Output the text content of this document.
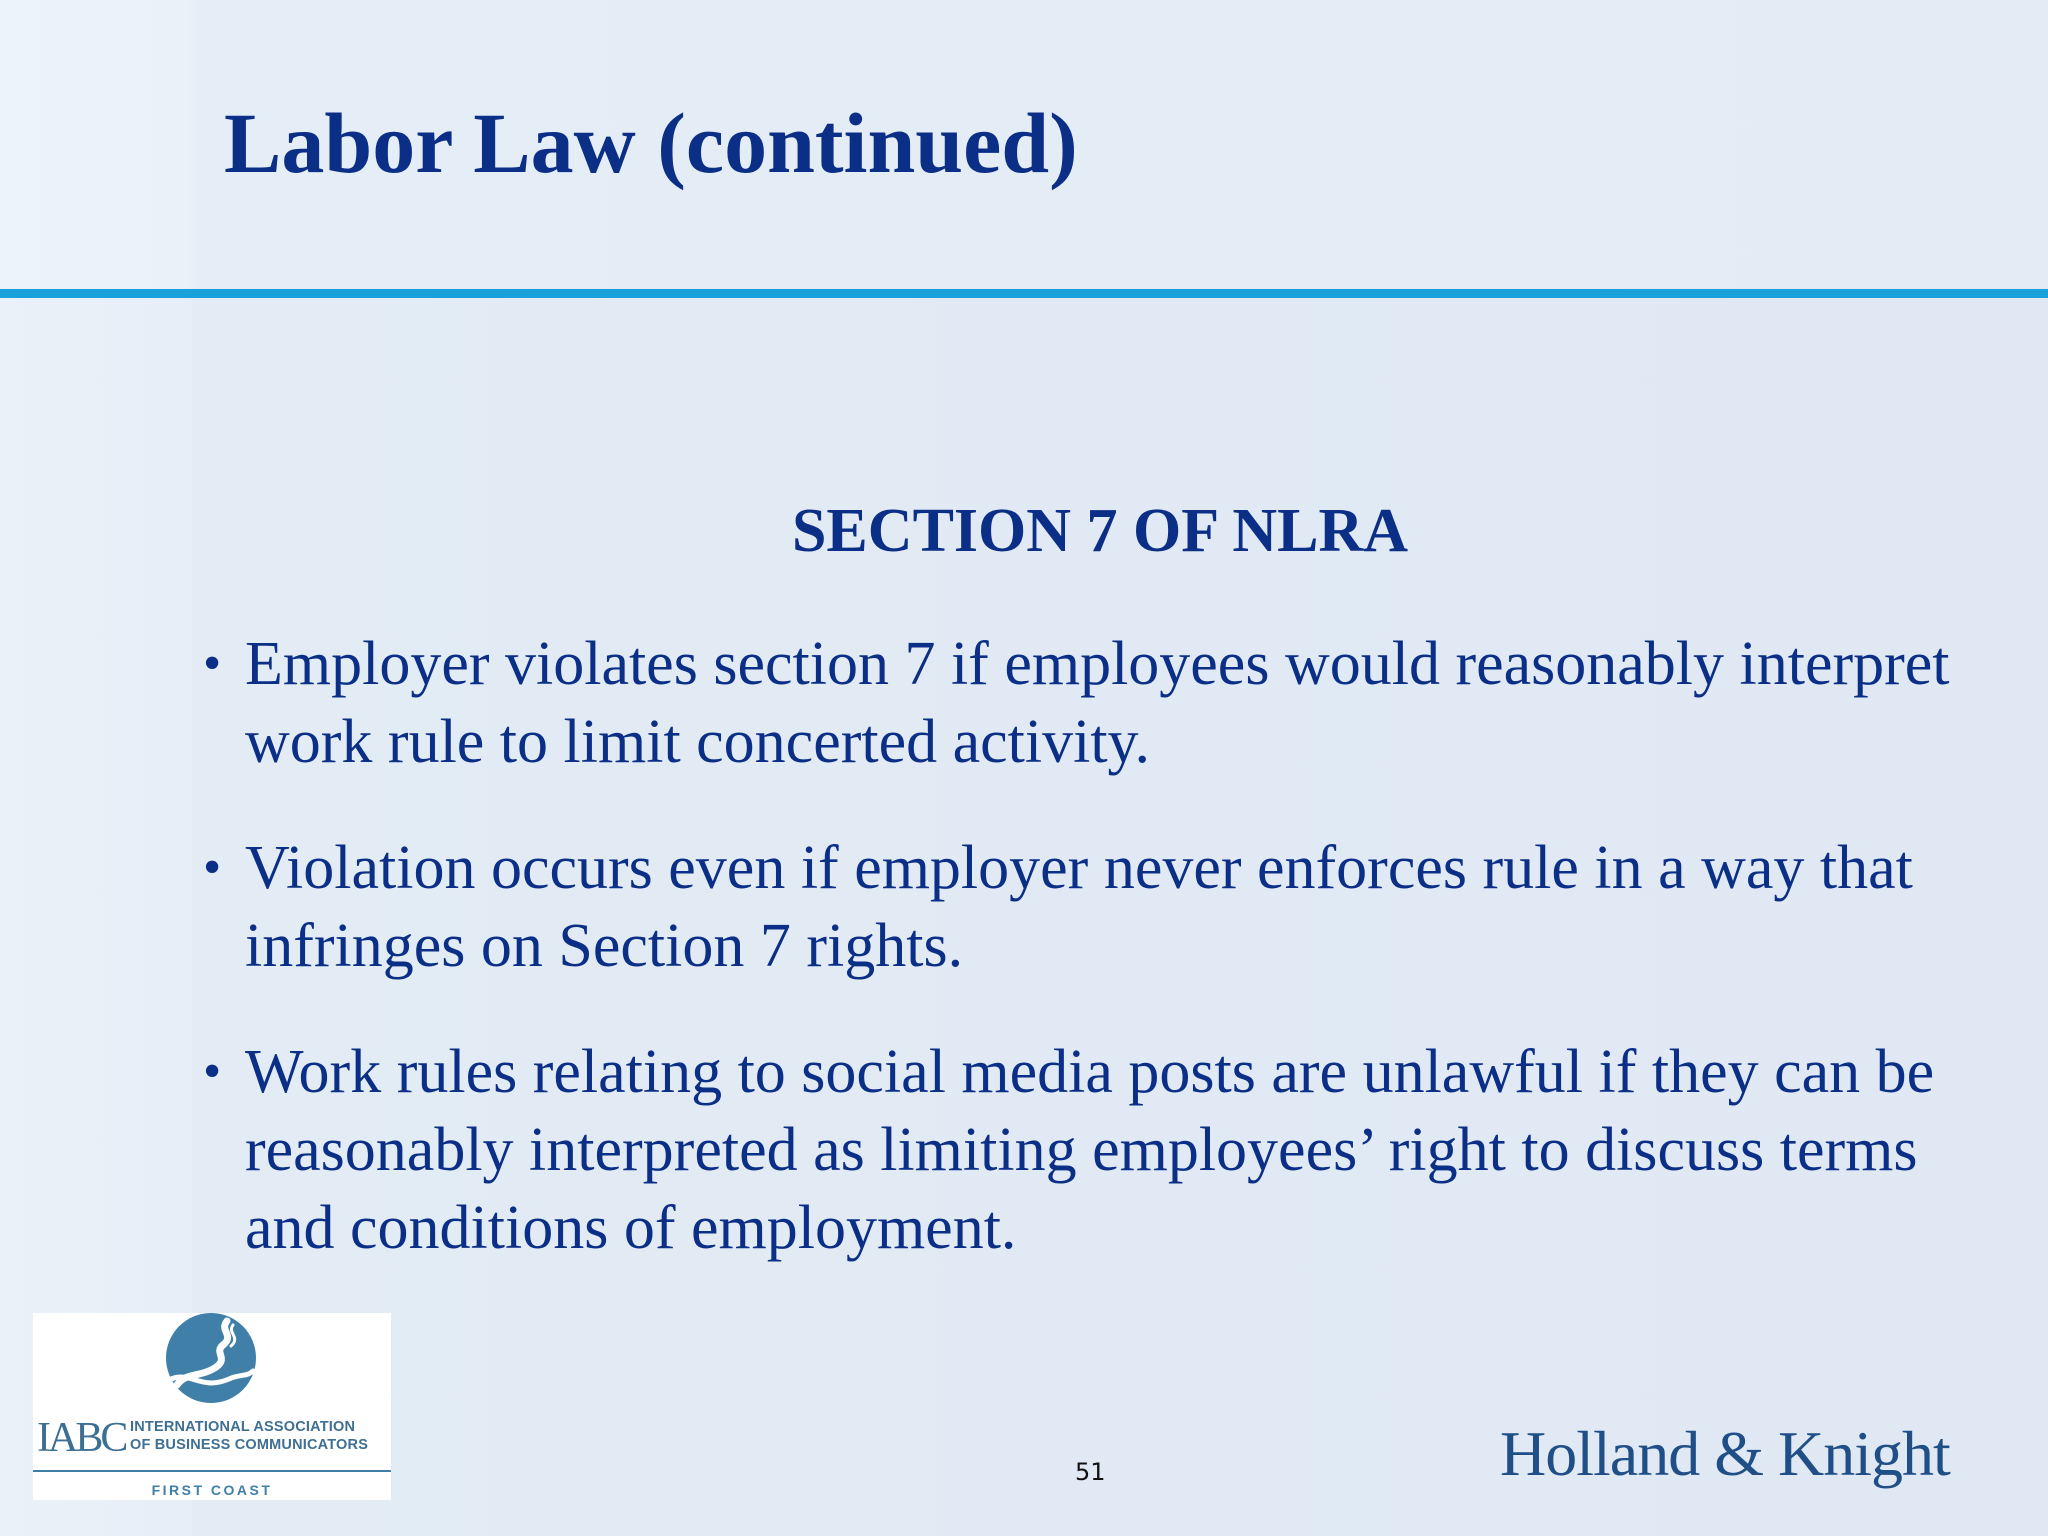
Labor Law (continued)
SECTION 7 OF NLRA
• Employer violates section 7 if employees would reasonably interpret work rule to limit concerted activity.
• Violation occurs even if employer never enforces rule in a way that infringes on Section 7 rights.
• Work rules relating to social media posts are unlawful if they can be reasonably interpreted as limiting employees’ right to discuss terms and conditions of employment.
IABC INTERNATIONAL ASSOCIATION
OF BUSINESS COMMUNICATORS
FIRST COAST
51	Holland & Knight
